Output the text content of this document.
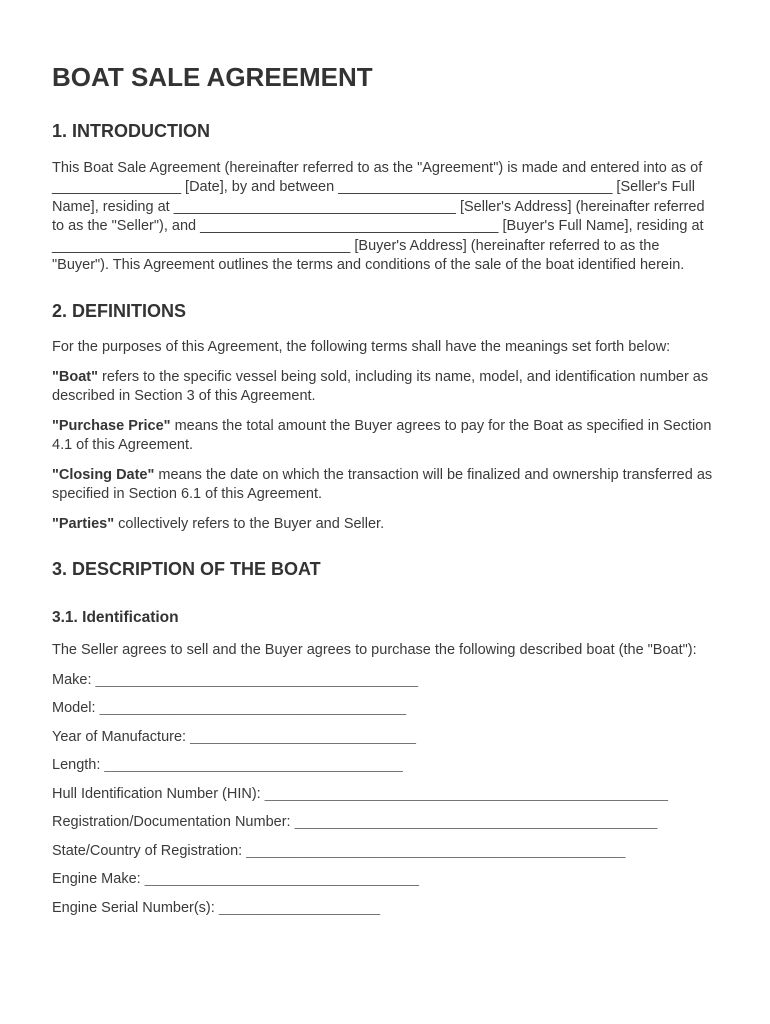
BOAT SALE AGREEMENT
1. INTRODUCTION

This Boat Sale Agreement (hereinafter referred to as the "Agreement") is made and entered into as of ________________ [Date], by and between __________________________________ [Seller's Full Name], residing at ___________________________________ [Seller's Address] (hereinafter referred to as the "Seller"), and _____________________________________ [Buyer's Full Name], residing at _____________________________________ [Buyer's Address] (hereinafter referred to as the "Buyer"). This Agreement outlines the terms and conditions of the sale of the boat identified herein.

2. DEFINITIONS

For the purposes of this Agreement, the following terms shall have the meanings set forth below:

"Boat" refers to the specific vessel being sold, including its name, model, and identification number as described in Section 3 of this Agreement.

"Purchase Price" means the total amount the Buyer agrees to pay for the Boat as specified in Section 4.1 of this Agreement.

"Closing Date" means the date on which the transaction will be finalized and ownership transferred as specified in Section 6.1 of this Agreement.

"Parties" collectively refers to the Buyer and Seller.

3. DESCRIPTION OF THE BOAT
3.1. Identification

The Seller agrees to sell and the Buyer agrees to purchase the following described boat (the "Boat"):

Make: ________________________________________

Model: ______________________________________

Year of Manufacture: ____________________________

Length: _____________________________________

Hull Identification Number (HIN): __________________________________________________

Registration/Documentation Number: _____________________________________________

State/Country of Registration: _______________________________________________

Engine Make: __________________________________

Engine Serial Number(s): ____________________
